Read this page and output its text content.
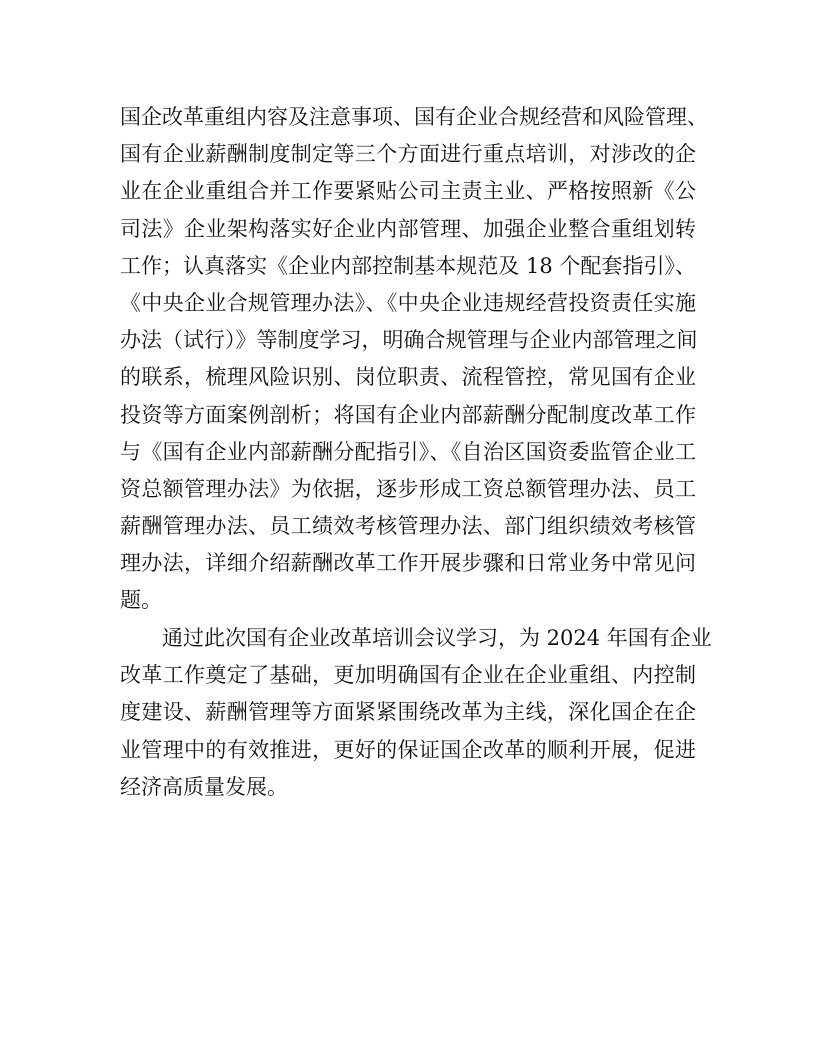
国企改革重组内容及注意事项、国有企业合规经营和风险管理、
国有企业薪酬制度制定等三个方面进行重点培训，对涉改的企
业在企业重组合并工作要紧贴公司主责主业、严格按照新《公
司法》企业架构落实好企业内部管理、加强企业整合重组划转
工作；认真落实《企业内部控制基本规范及 18 个配套指引》、
《中央企业合规管理办法》、《中央企业违规经营投资责任实施
办法（试行）》等制度学习，明确合规管理与企业内部管理之间
的联系，梳理风险识别、岗位职责、流程管控，常见国有企业
投资等方面案例剖析；将国有企业内部薪酬分配制度改革工作
与《国有企业内部薪酬分配指引》、《自治区国资委监管企业工
资总额管理办法》为依据，逐步形成工资总额管理办法、员工
薪酬管理办法、员工绩效考核管理办法、部门组织绩效考核管
理办法，详细介绍薪酬改革工作开展步骤和日常业务中常见问
题。
通过此次国有企业改革培训会议学习，为 2024 年国有企业
改革工作奠定了基础，更加明确国有企业在企业重组、内控制
度建设、薪酬管理等方面紧紧围绕改革为主线，深化国企在企
业管理中的有效推进，更好的保证国企改革的顺利开展，促进
经济高质量发展。
